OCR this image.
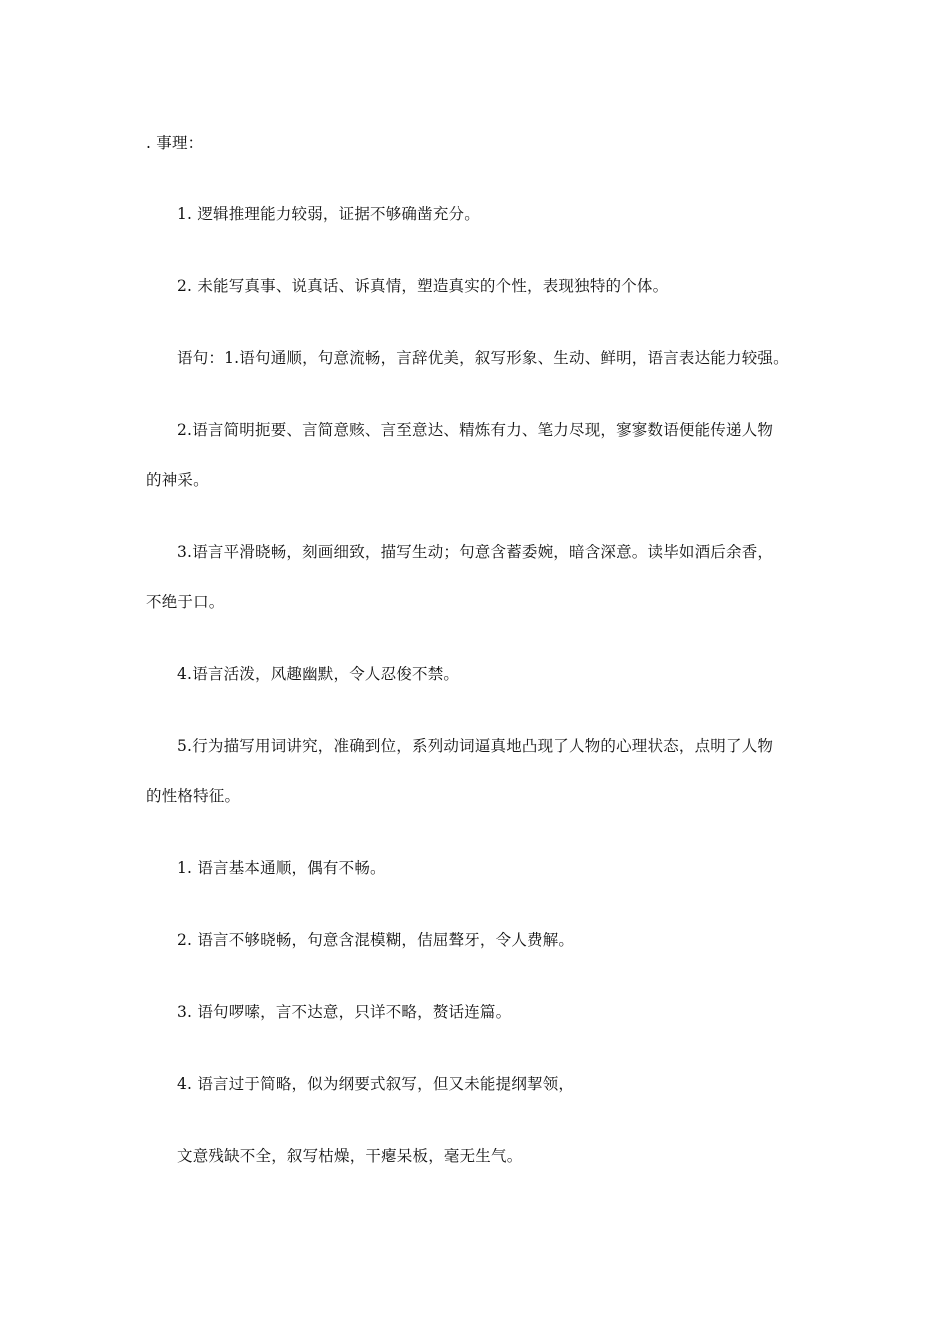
. 事理：
1. 逻辑推理能力较弱，证据不够确凿充分。
2. 未能写真事、说真话、诉真情，塑造真实的个性，表现独特的个体。
语句：1.语句通顺，句意流畅，言辞优美，叙写形象、生动、鲜明，语言表达能力较强。
2.语言简明扼要、言简意赅、言至意达、精炼有力、笔力尽现，寥寥数语便能传递人物
的神采。
3.语言平滑晓畅，刻画细致，描写生动；句意含蓄委婉，暗含深意。读毕如酒后余香，
不绝于口。
4.语言活泼，风趣幽默，令人忍俊不禁。
5.行为描写用词讲究，准确到位，系列动词逼真地凸现了人物的心理状态，点明了人物
的性格特征。
1. 语言基本通顺，偶有不畅。
2. 语言不够晓畅，句意含混模糊，佶屈聱牙，令人费解。
3. 语句啰嗦，言不达意，只详不略，赘话连篇。
4. 语言过于简略，似为纲要式叙写，但又未能提纲挈领，
文意残缺不全，叙写枯燥，干瘪呆板，毫无生气。
